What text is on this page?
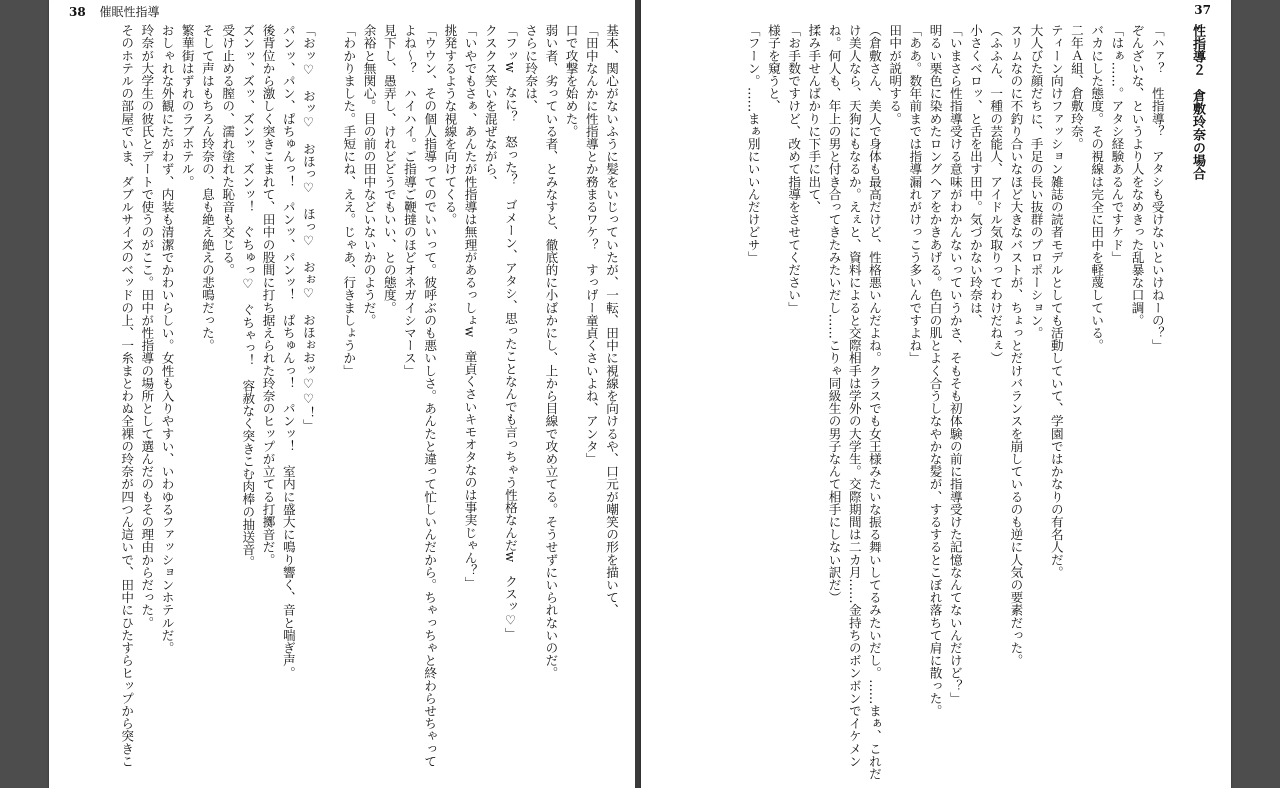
38 催眠性指導

基本、関心がないふうに髪をいじっていたが、一転、田中に視線を向けるや、口元が嘲笑の形を描いて、

「田中なんかに性指導とか務まるワケ？　すっげー童貞くさいよね、アンタ」

口で攻撃を始めた。

弱い者、劣っている者、とみなすと、徹底的に小ばかにし、上から目線で攻め立てる。そうせずにいられないのだ。

さらに玲奈は、

「フッw　なに？　怒った？　ゴメーン、アタシ、思ったことなんでも言っちゃう性格なんだw　クスッ♡」

クスクス笑いを混ぜながら、

「いやでもさぁ、あんたが性指導は無理があるっしょw　童貞くさいキモオタなのは事実じゃん？」

挑発するような視線を向けてくる。

「ウウン、その個人指導ってのでいいって。彼呼ぶのも悪いしさ。あんたと違って忙しいんだから。ちゃっちゃと終わらせちゃって

よね～？　ハイハイ。ご指導ご鞭撻のほどオネガイシマース」

見下し、愚弄し、けれどどうでもいい、との態度。

余裕と無関心。目の前の田中などいないかのようだ。

「わかりました。手短にね、ええ。じゃあ、行きましょうか」

「おッ♡　おッ♡　おほっ♡　ほっ♡　おぉ♡　おほぉおッ♡♡！」

パンッ、パン、ぱちゅんっ！　パンッ、パンッ！　ぱちゅんっ！　パンッ！　室内に盛大に鳴り響く、音と喘ぎ声。

後背位から激しく突きこまれて、田中の股間に打ち据えられた玲奈のヒップが立てる打擲音だ。

ズンッ、ズッ、ズンッ、ズンッ！　ぐちゅっ♡　ぐちゃっ！　容赦なく突きこむ肉棒の抽送音。

受け止める膣の、濡れ塗れた恥音も交じる。

そして声はもちろん玲奈の、息も絶え絶えの悲鳴だった。

繁華街はずれのラブホテル。

おしゃれな外観にたがわず、内装も清潔でかわいらしい。女性も入りやすい、いわゆるファッションホテルだ。

玲奈が大学生の彼氏とデートで使うのがここ。田中が性指導の場所として選んだのもその理由からだった。

そのホテルの部屋でいま、ダブルサイズのベッドの上、一糸まとわぬ全裸の玲奈が四つん這いで、田中にひたすらヒップから突きこ

37

性指導２　倉敷玲奈の場合

「ハァ？　性指導？　アタシも受けないといけねーの？」

ぞんざいな、というより人をなめきった乱暴な口調。

「はぁ……。アタシ経験あるんですケド」

バカにした態度。その視線は完全に田中を軽蔑している。

二年Ａ組、倉敷玲奈。

ティーン向けファッション雑誌の読者モデルとしても活動していて、学園ではかなりの有名人だ。

大人びた顔だちに、手足の長い抜群のプロポーション。

スリムなのに不釣り合いなほど大きなバストが、ちょっとだけバランスを崩しているのも逆に人気の要素だった。

（ふふん、一種の芸能人、アイドル気取りってわけだねぇ）

小さくベロッ、と舌を出す田中。気づかない玲奈は、

「いまさら性指導受ける意味がわかんないっていうかさ、そもそも初体験の前に指導受けた記憶なんてないんだけど？」

明るい栗色に染めたロングヘアをかきあげる。色白の肌とよく合うしなやかな髪が、するするとこぼれ落ちて肩に散った。

「ああ。数年前までは指導漏れがけっこう多いんですよね」

田中が説明する。

（倉敷さん、美人で身体も最高だけど、性格悪いんだよね。クラスでも女王様みたいな振る舞いしてるみたいだし。……まぁ、これだ

け美人なら、天狗にもなるか。えぇと、資料によると交際相手は学外の大学生。交際期間は二カ月……金持ちのボンボンでイケメン

ね。何人も、年上の男と付き合ってきたみたいだし……こりゃ同級生の男子なんて相手にしない訳だ）

揉み手せんばかりに下手に出て、

「お手数ですけど、改めて指導をさせてください」

様子を窺うと、

「フーン。……まぁ別にいいんだけどサ」
